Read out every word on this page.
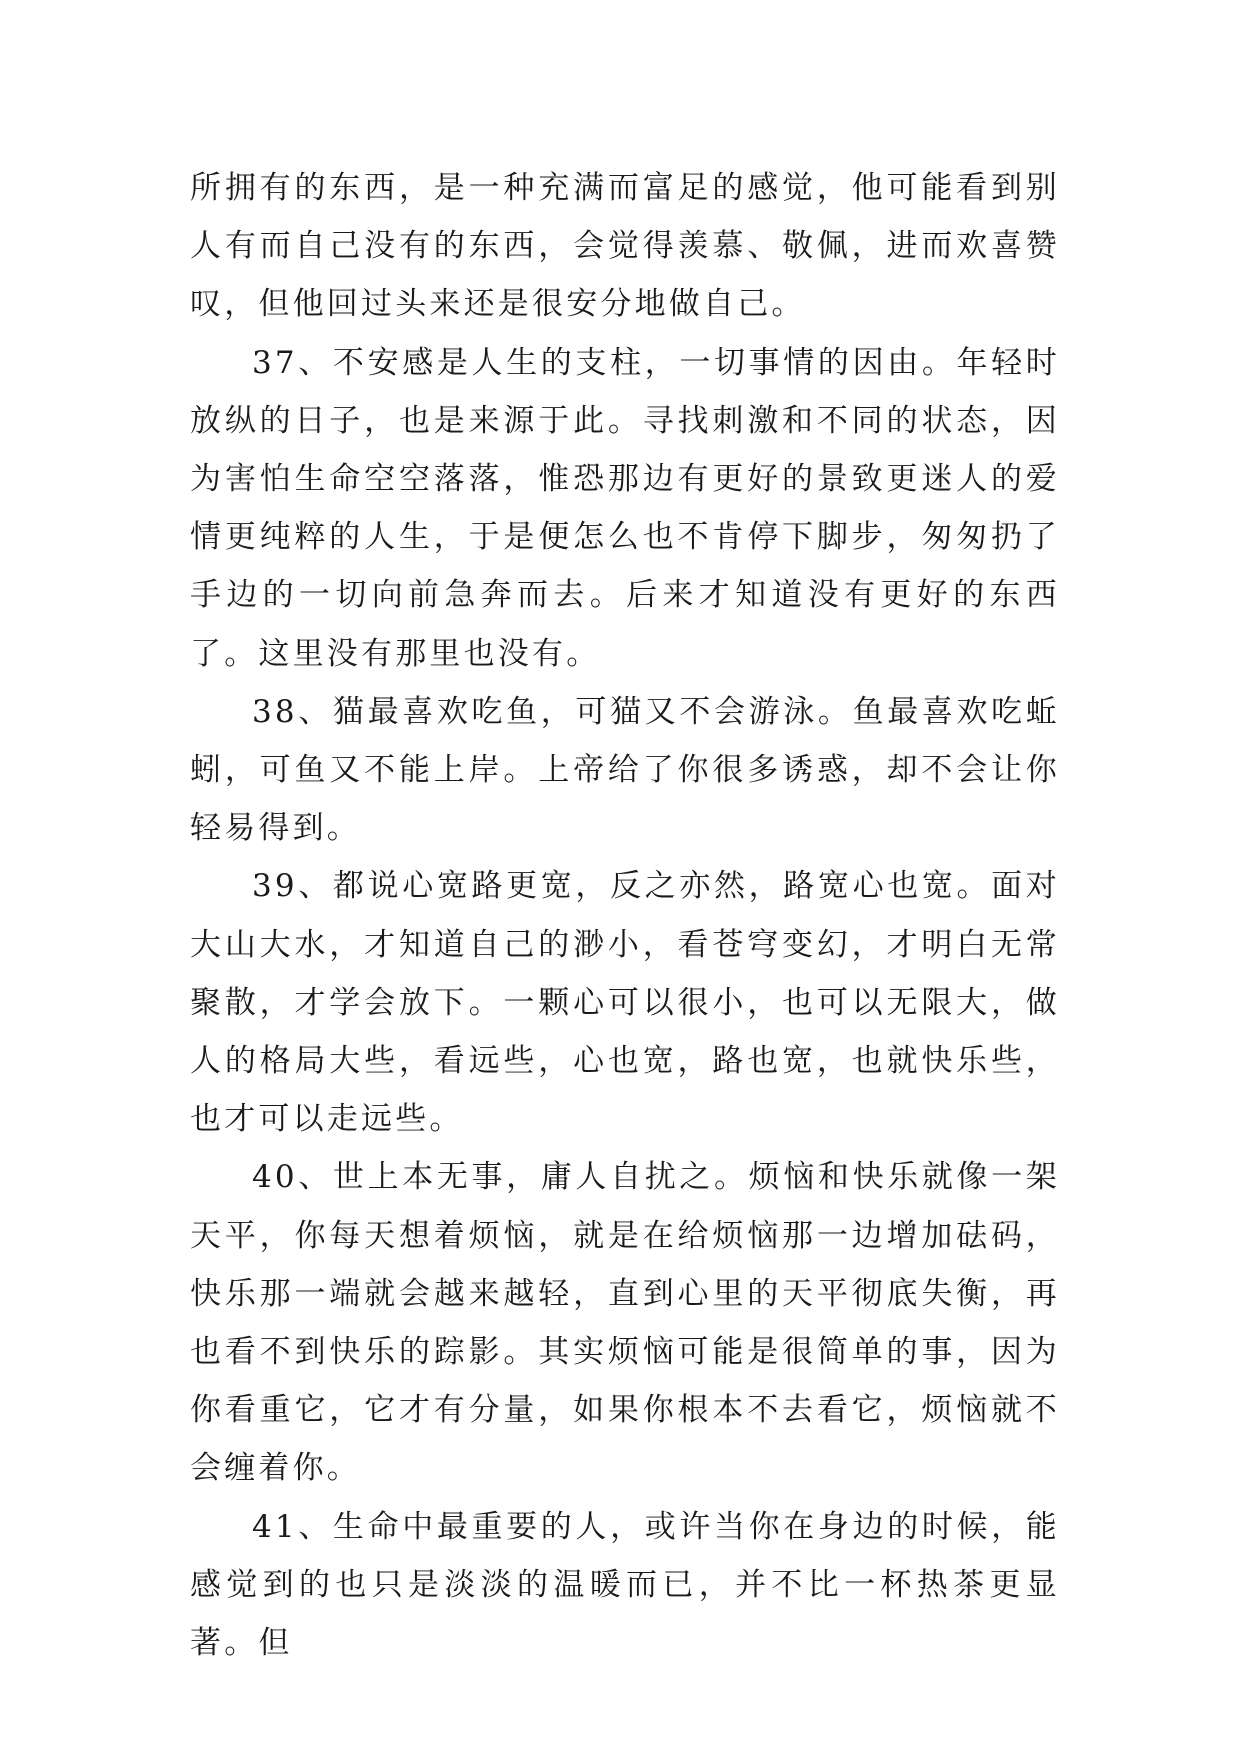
所拥有的东西，是一种充满而富足的感觉，他可能看到别人有而自己没有的东西，会觉得羡慕、敬佩，进而欢喜赞叹，但他回过头来还是很安分地做自己。

37、不安感是人生的支柱，一切事情的因由。年轻时放纵的日子，也是来源于此。寻找刺激和不同的状态，因为害怕生命空空落落，惟恐那边有更好的景致更迷人的爱情更纯粹的人生，于是便怎么也不肯停下脚步，匆匆扔了手边的一切向前急奔而去。后来才知道没有更好的东西了。这里没有那里也没有。

38、猫最喜欢吃鱼，可猫又不会游泳。鱼最喜欢吃蚯蚓，可鱼又不能上岸。上帝给了你很多诱惑，却不会让你轻易得到。

39、都说心宽路更宽，反之亦然，路宽心也宽。面对大山大水，才知道自己的渺小，看苍穹变幻，才明白无常聚散，才学会放下。一颗心可以很小，也可以无限大，做人的格局大些，看远些，心也宽，路也宽，也就快乐些，也才可以走远些。

40、世上本无事，庸人自扰之。烦恼和快乐就像一架天平，你每天想着烦恼，就是在给烦恼那一边增加砝码，快乐那一端就会越来越轻，直到心里的天平彻底失衡，再也看不到快乐的踪影。其实烦恼可能是很简单的事，因为你看重它，它才有分量，如果你根本不去看它，烦恼就不会缠着你。

41、生命中最重要的人，或许当你在身边的时候，能感觉到的也只是淡淡的温暖而已，并不比一杯热茶更显著。但
